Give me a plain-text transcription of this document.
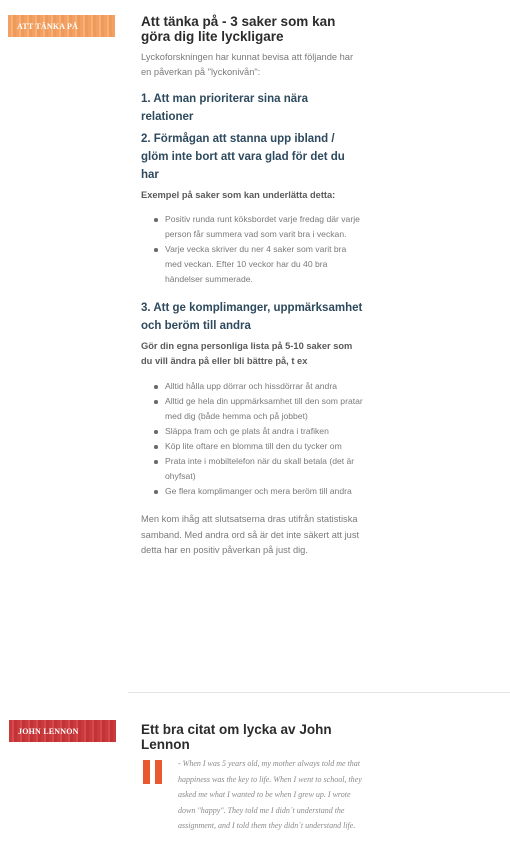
ATT TÄNKA PÅ	Att tänka på - 3 saker som kan göra dig lite lyckligare

Lyckoforskningen har kunnat bevisa att följande har en påverkan på "lyckonivån":

1. Att man prioriterar sina nära relationer
2. Förmågan att stanna upp ibland / glöm inte bort att vara glad för det du har

Exempel på saker som kan underlätta detta:

Positiv runda runt köksbordet varje fredag där varje person får summera vad som varit bra i veckan.
Varje vecka skriver du ner 4 saker som varit bra med veckan. Efter 10 veckor har du 40 bra händelser summerade.
3. Att ge komplimanger, uppmärksamhet och beröm till andra

Gör din egna personliga lista på 5-10 saker som du vill ändra på eller bli bättre på, t ex

Alltid hålla upp dörrar och hissdörrar åt andra
Alltid ge hela din uppmärksamhet till den som pratar med dig (både hemma och på jobbet)
Släppa fram och ge plats åt andra i trafiken
Köp lite oftare en blomma till den du tycker om
Prata inte i mobiltelefon när du skall betala (det är ohyfsat)
Ge flera komplimanger och mera beröm till andra

Men kom ihåg att slutsatserna dras utifrån statistiska samband. Med andra ord så är det inte säkert att just detta har en positiv påverkan på just dig.

JOHN LENNON	Ett bra citat om lycka av John Lennon

- When I was 5 years old, my mother always told me that happiness was the key to life. When I went to school, they asked me what I wanted to be when I grew up. I wrote down "happy". They told me I didn´t understand the assignment, and I told them they didn´t understand life.
